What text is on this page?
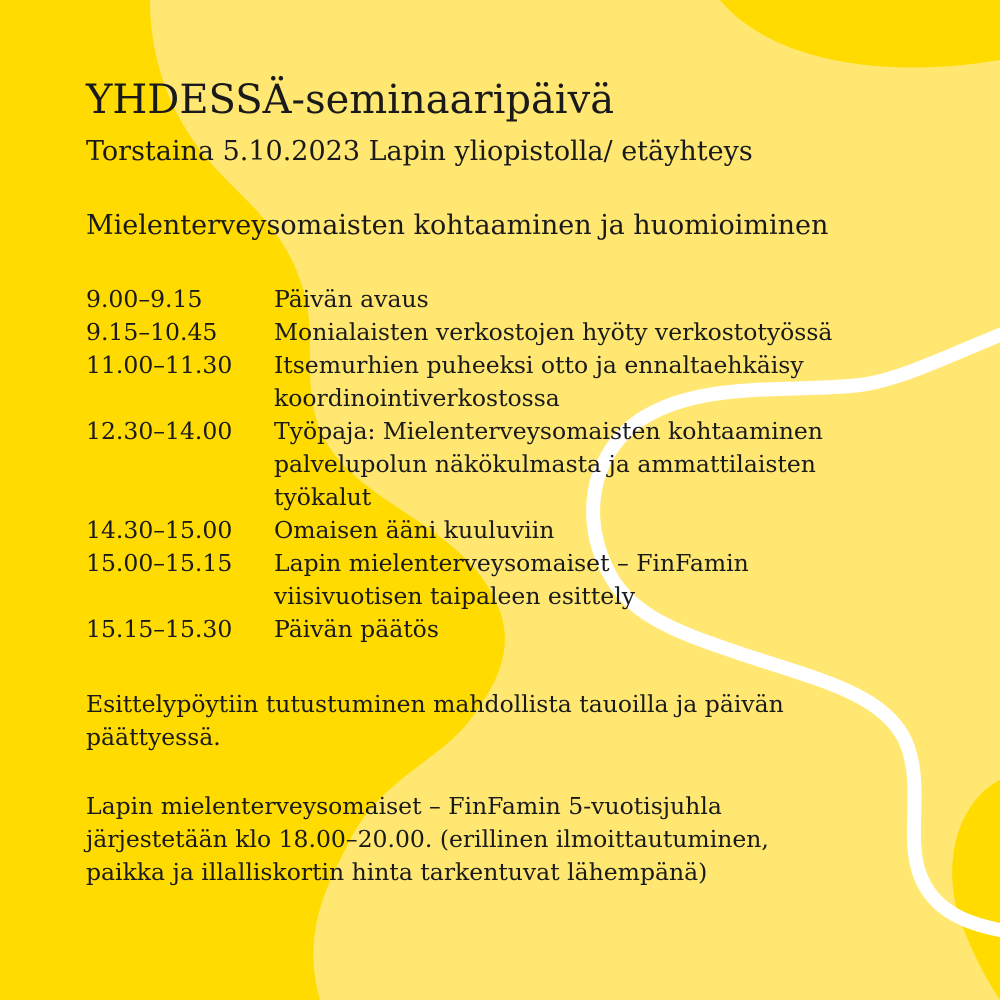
YHDESSÄ-seminaaripäivä
Torstaina 5.10.2023 Lapin yliopistolla/ etäyhteys
Mielenterveysomaisten kohtaaminen ja huomioiminen
9.00–9.15	Päivän avaus
9.15–10.45	Monialaisten verkostojen hyöty verkostotyössä
11.00–11.30	Itsemurhien puheeksi otto ja ennaltaehkäisy
koordinointiverkostossa
12.30–14.00	Työpaja: Mielenterveysomaisten kohtaaminen
palvelupolun näkökulmasta ja ammattilaisten
työkalut
14.30–15.00	Omaisen ääni kuuluviin
15.00–15.15	Lapin mielenterveysomaiset – FinFamin
viisivuotisen taipaleen esittely
15.15–15.30	Päivän päätös
Esittelypöytiin tutustuminen mahdollista tauoilla ja päivän
päättyessä.
Lapin mielenterveysomaiset – FinFamin 5-vuotisjuhla
järjestetään klo 18.00–20.00. (erillinen ilmoittautuminen,
paikka ja illalliskortin hinta tarkentuvat lähempänä)
